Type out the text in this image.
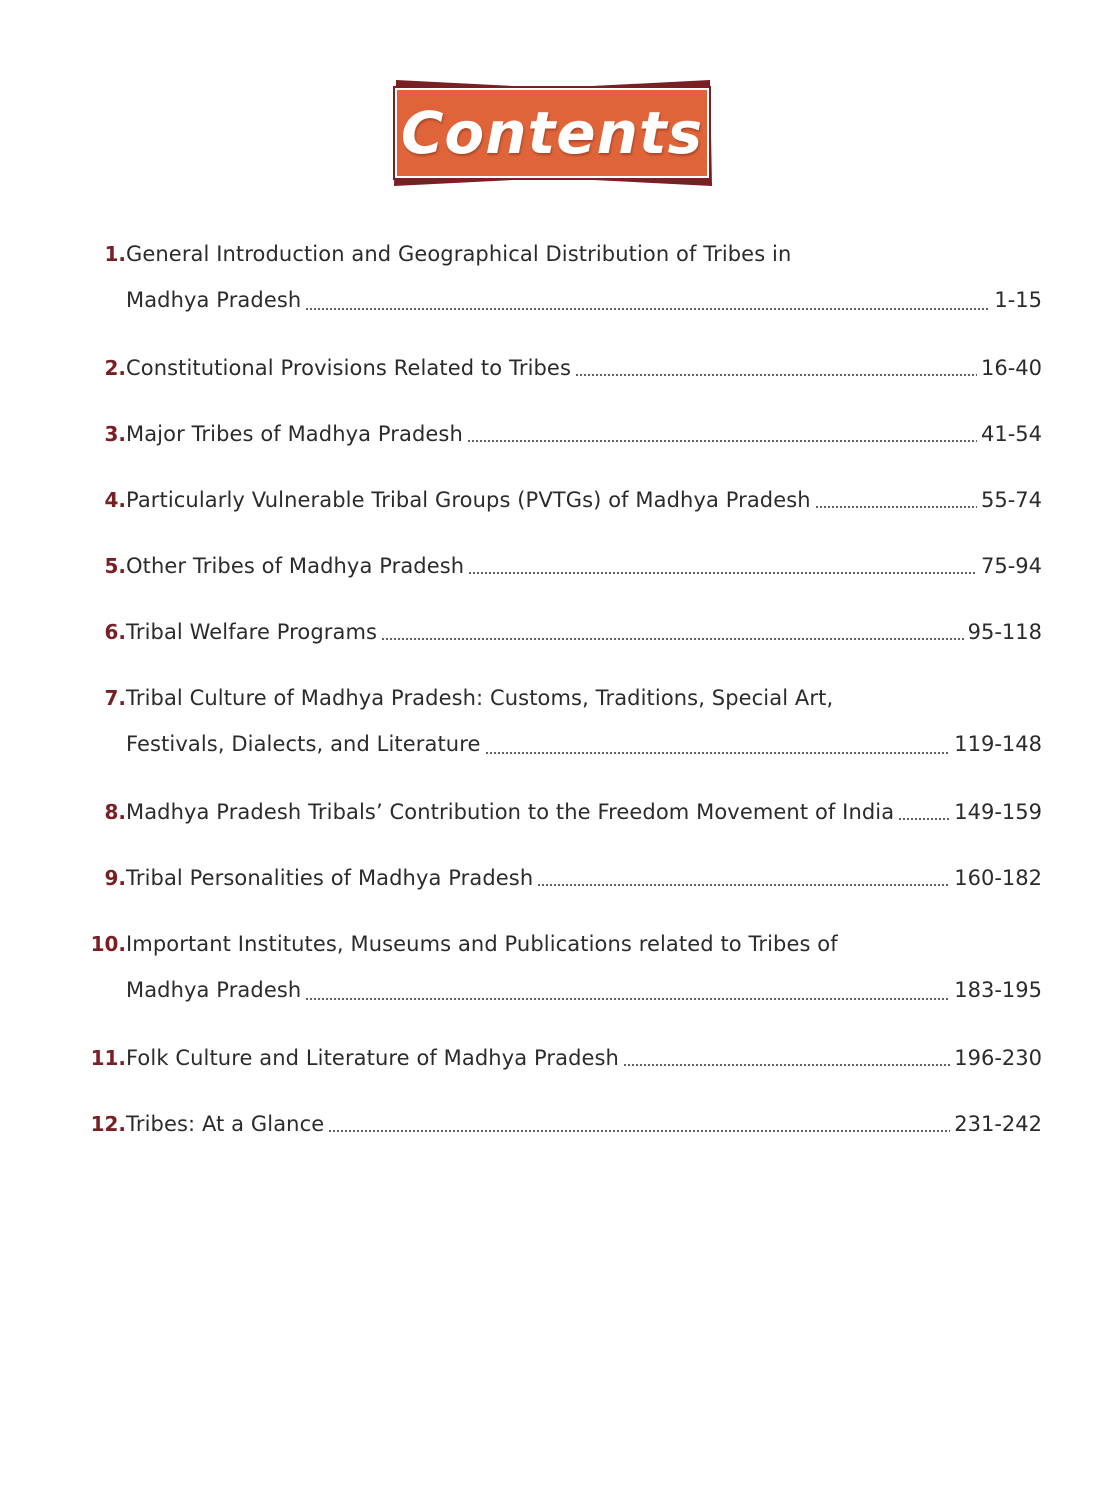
Contents
1. General Introduction and Geographical Distribution of Tribes in
Madhya Pradesh	1-15
2. Constitutional Provisions Related to Tribes	16-40
3. Major Tribes of Madhya Pradesh	41-54
4. Particularly Vulnerable Tribal Groups (PVTGs) of Madhya Pradesh	55-74
5. Other Tribes of Madhya Pradesh	75-94
6. Tribal Welfare Programs	95-118
7. Tribal Culture of Madhya Pradesh: Customs, Traditions, Special Art,
Festivals, Dialects, and Literature	119-148
8. Madhya Pradesh Tribals’ Contribution to the Freedom Movement of India	149-159
9. Tribal Personalities of Madhya Pradesh	160-182
10. Important Institutes, Museums and Publications related to Tribes of
Madhya Pradesh	183-195
11. Folk Culture and Literature of Madhya Pradesh	196-230
12. Tribes: At a Glance	231-242
